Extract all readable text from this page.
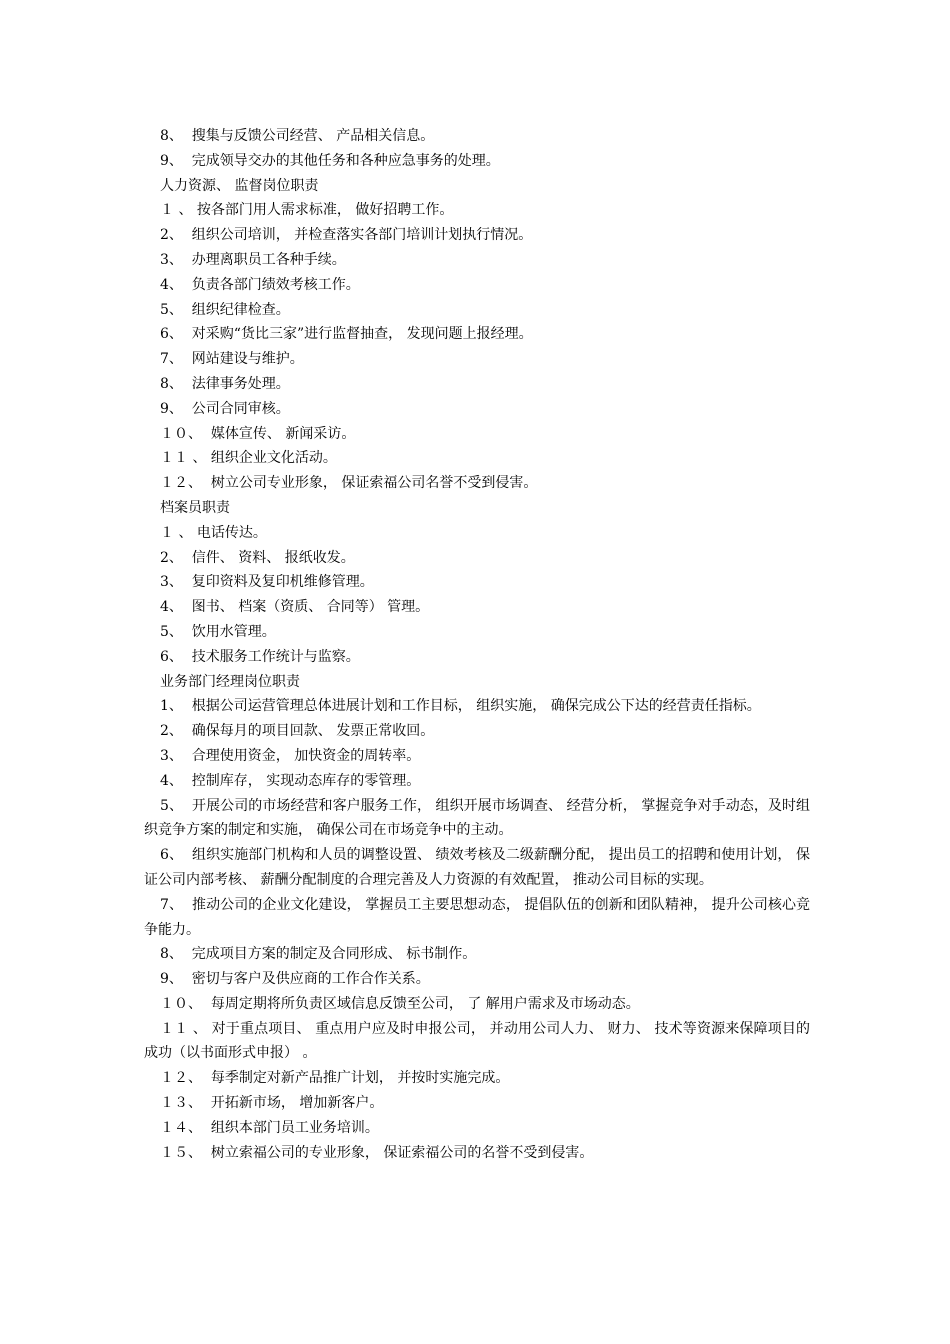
8、  搜集与反馈公司经营、 产品相关信息。

9、  完成领导交办的其他任务和各种应急事务的处理。

人力资源、 监督岗位职责

１ 、 按各部门用人需求标准， 做好招聘工作。

2、  组织公司培训， 并检查落实各部门培训计划执行情况。

3、  办理离职员工各种手续。

4、  负责各部门绩效考核工作。

5、  组织纪律检查。

6、  对采购“货比三家”进行监督抽查， 发现问题上报经理。

7、  网站建设与维护。

8、  法律事务处理。

9、  公司合同审核。

１０、  媒体宣传、 新闻采访。

１１ 、 组织企业文化活动。

１２、  树立公司专业形象， 保证索福公司名誉不受到侵害。

档案员职责

１ 、 电话传达。

2、  信件、 资料、 报纸收发。

3、  复印资料及复印机维修管理。

4、  图书、 档案（资质、 合同等） 管理。

5、  饮用水管理。

6、  技术服务工作统计与监察。

业务部门经理岗位职责

1、  根据公司运营管理总体进展计划和工作目标， 组织实施， 确保完成公下达的经营责任指标。

2、  确保每月的项目回款、 发票正常收回。

3、  合理使用资金， 加快资金的周转率。

4、  控制库存， 实现动态库存的零管理。

5、  开展公司的市场经营和客户服务工作， 组织开展市场调查、 经营分析， 掌握竞争对手动态，及时组织竞争方案的制定和实施， 确保公司在市场竞争中的主动。

6、  组织实施部门机构和人员的调整设置、 绩效考核及二级薪酬分配， 提出员工的招聘和使用计划， 保证公司内部考核、 薪酬分配制度的合理完善及人力资源的有效配置， 推动公司目标的实现。

7、  推动公司的企业文化建设， 掌握员工主要思想动态， 提倡队伍的创新和团队精神， 提升公司核心竞争能力。

8、  完成项目方案的制定及合同形成、 标书制作。

9、  密切与客户及供应商的工作合作关系。

１０、  每周定期将所负责区域信息反馈至公司， 了 解用户需求及市场动态。

１１ 、 对于重点项目、 重点用户应及时申报公司， 并动用公司人力、 财力、 技术等资源来保障项目的成功（以书面形式申报） 。

１２、  每季制定对新产品推广计划， 并按时实施完成。

１３、  开拓新市场， 增加新客户。

１４、  组织本部门员工业务培训。

１５、  树立索福公司的专业形象， 保证索福公司的名誉不受到侵害。
